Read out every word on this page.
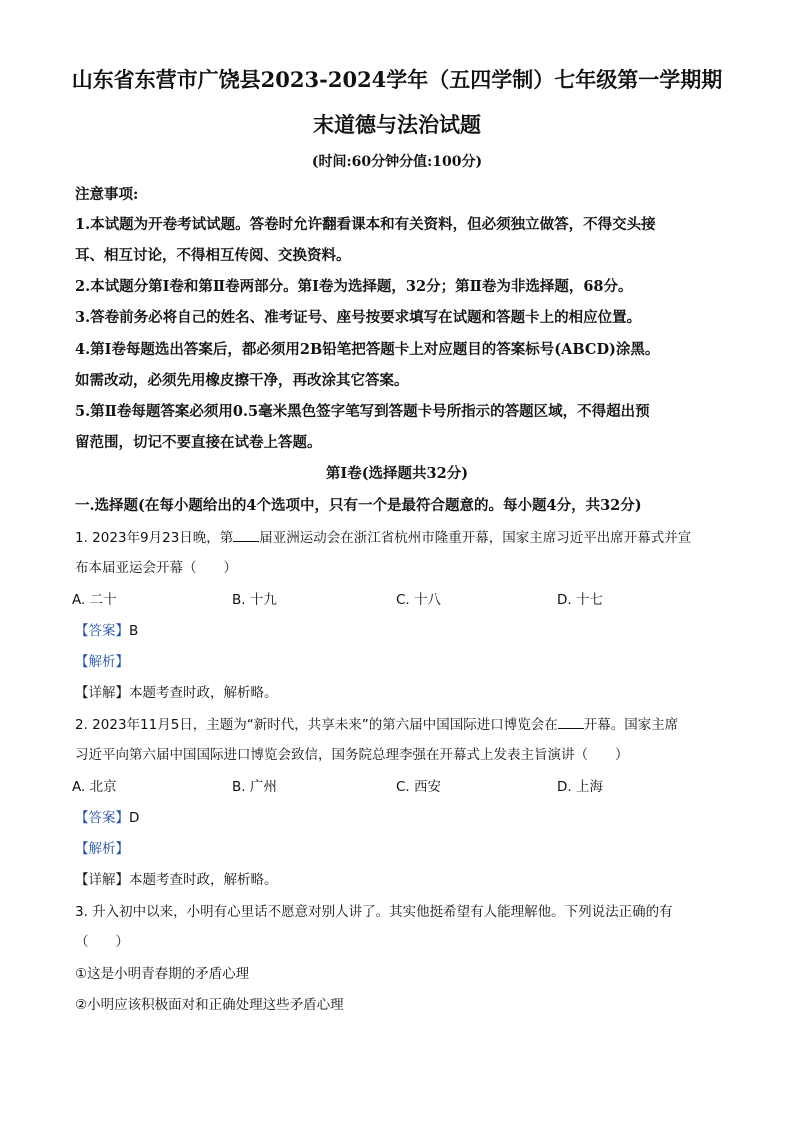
山东省东营市广饶县2023-2024学年（五四学制）七年级第一学期期
末道德与法治试题
(时间:60分钟分值:100分)
注意事项:
1.本试题为开卷考试试题。答卷时允许翻看课本和有关资料，但必须独立做答，不得交头接
耳、相互讨论，不得相互传阅、交换资料。
2.本试题分第Ⅰ卷和第Ⅱ卷两部分。第Ⅰ卷为选择题，32分；第Ⅱ卷为非选择题，68分。
3.答卷前务必将自己的姓名、准考证号、座号按要求填写在试题和答题卡上的相应位置。
4.第Ⅰ卷每题选出答案后，都必须用2B铅笔把答题卡上对应题目的答案标号(ABCD)涂黑。
如需改动，必须先用橡皮擦干净，再改涂其它答案。
5.第Ⅱ卷每题答案必须用0.5毫米黑色签字笔写到答题卡号所指示的答题区域，不得超出预
留范围，切记不要直接在试卷上答题。
第Ⅰ卷(选择题共32分)
一.选择题(在每小题给出的4个选项中，只有一个是最符合题意的。每小题4分，共32分)
1. 2023年9月23日晚，第 届亚洲运动会在浙江省杭州市隆重开幕，国家主席习近平出席开幕式并宣
布本届亚运会开幕（　　）
A. 二十	B. 十九	C. 十八	D. 十七
【答案】B
【解析】
【详解】本题考查时政，解析略。
2. 2023年11月5日，主题为“新时代，共享未来”的第六届中国国际进口博览会在 开幕。国家主席
习近平向第六届中国国际进口博览会致信，国务院总理李强在开幕式上发表主旨演讲（　　）
A. 北京	B. 广州	C. 西安	D. 上海
【答案】D
【解析】
【详解】本题考查时政，解析略。
3. 升入初中以来，小明有心里话不愿意对别人讲了。其实他挺希望有人能理解他。下列说法正确的有
（　　）
①这是小明青春期的矛盾心理
②小明应该积极面对和正确处理这些矛盾心理
